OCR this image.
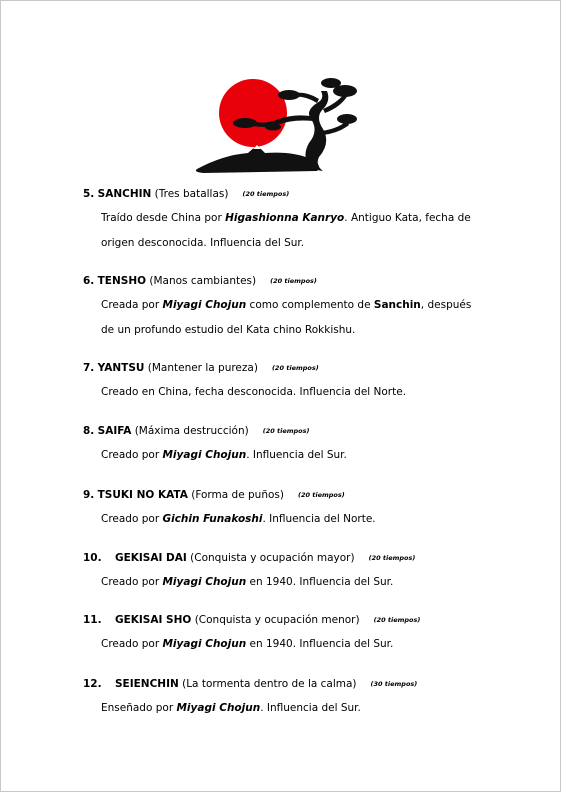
5. SANCHIN (Tres batallas) (20 tiempos)
Traído desde China por Higashionna Kanryo. Antiguo Kata, fecha de origen desconocida. Influencia del Sur.
6. TENSHO (Manos cambiantes) (20 tiempos)
Creada por Miyagi Chojun como complemento de Sanchin, después de un profundo estudio del Kata chino Rokkishu.
7. YANTSU (Mantener la pureza) (20 tiempos)
Creado en China, fecha desconocida. Influencia del Norte.
8. SAIFA (Máxima destrucción) (20 tiempos)
Creado por Miyagi Chojun. Influencia del Sur.
9. TSUKI NO KATA (Forma de puños) (20 tiempos)
Creado por Gichin Funakoshi. Influencia del Norte.
10. GEKISAI DAI (Conquista y ocupación mayor) (20 tiempos)
Creado por Miyagi Chojun en 1940. Influencia del Sur.
11. GEKISAI SHO (Conquista y ocupación menor) (20 tiempos)
Creado por Miyagi Chojun en 1940. Influencia del Sur.
12. SEIENCHIN (La tormenta dentro de la calma) (30 tiempos)
Enseñado por Miyagi Chojun. Influencia del Sur.
